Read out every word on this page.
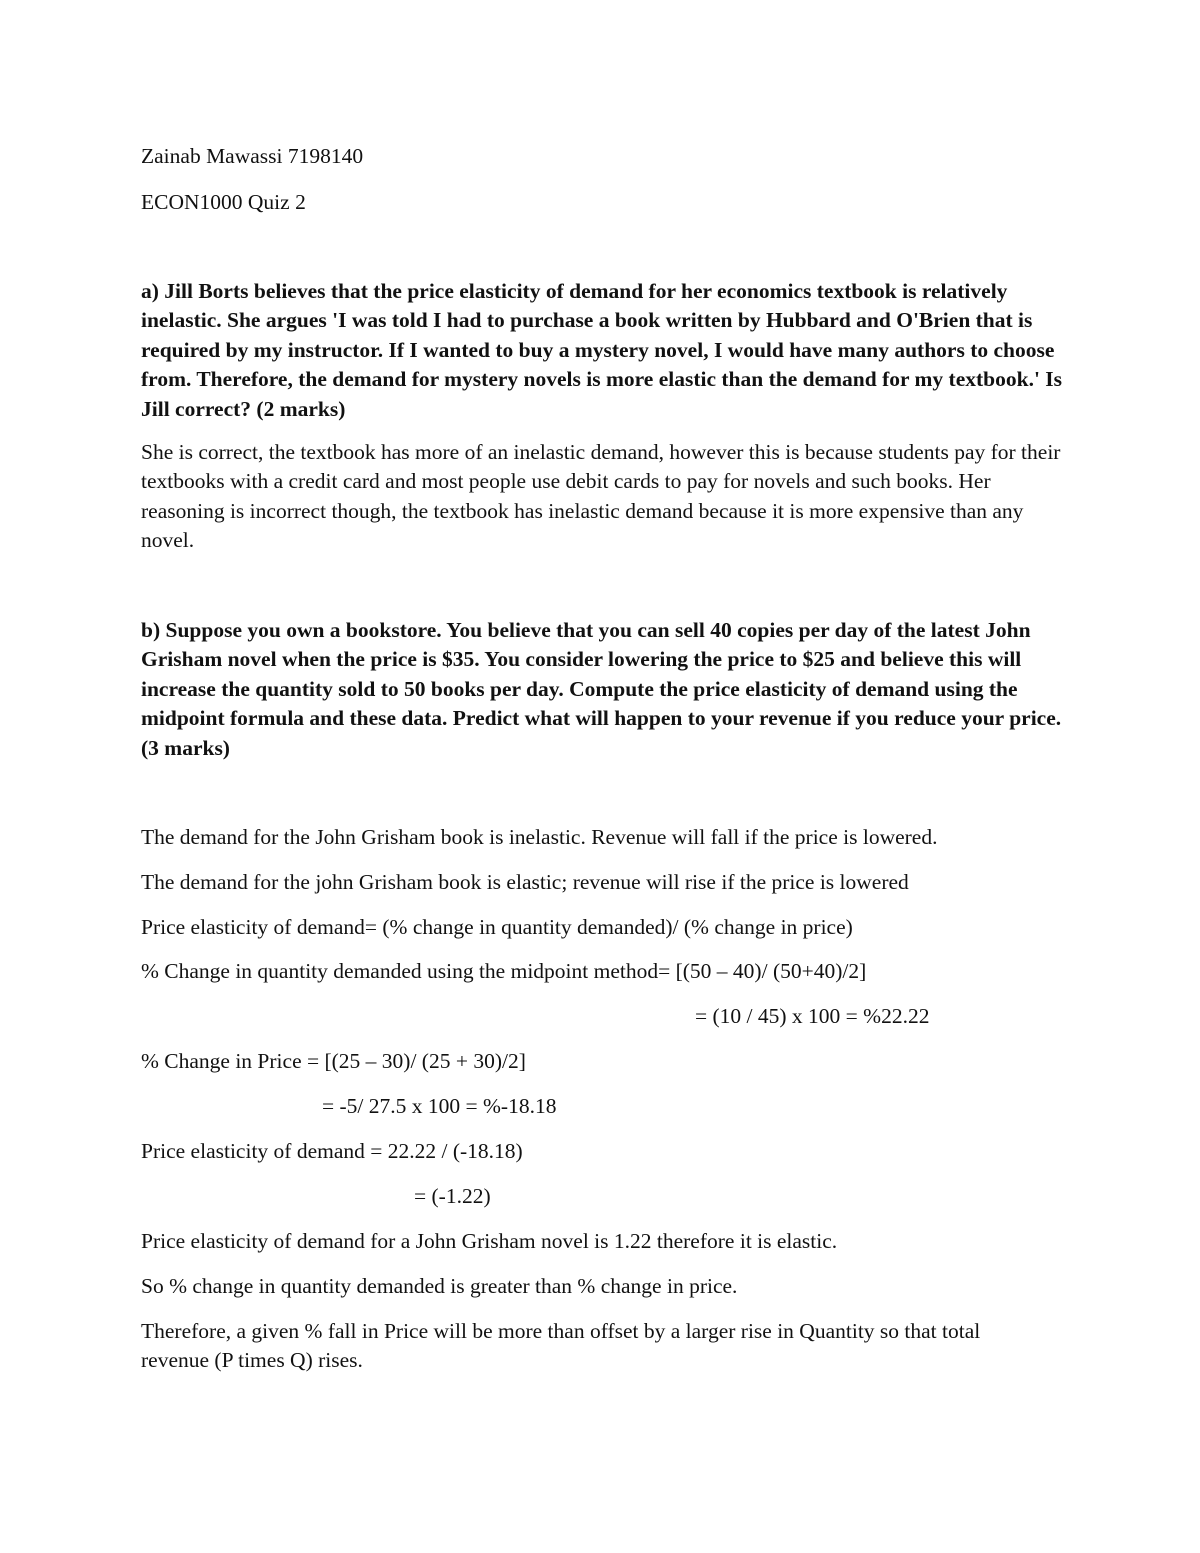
Zainab Mawassi 7198140
ECON1000 Quiz 2
a) Jill Borts believes that the price elasticity of demand for her economics textbook is relatively inelastic. She argues 'I was told I had to purchase a book written by Hubbard and O'Brien that is required by my instructor. If I wanted to buy a mystery novel, I would have many authors to choose from. Therefore, the demand for mystery novels is more elastic than the demand for my textbook.' Is Jill correct? (2 marks)
She is correct, the textbook has more of an inelastic demand, however this is because students pay for their textbooks with a credit card and most people use debit cards to pay for novels and such books. Her reasoning is incorrect though, the textbook has inelastic demand because it is more expensive than any novel.
b) Suppose you own a bookstore. You believe that you can sell 40 copies per day of the latest John Grisham novel when the price is $35. You consider lowering the price to $25 and believe this will increase the quantity sold to 50 books per day. Compute the price elasticity of demand using the midpoint formula and these data. Predict what will happen to your revenue if you reduce your price. (3 marks)
The demand for the John Grisham book is inelastic. Revenue will fall if the price is lowered.
The demand for the john Grisham book is elastic; revenue will rise if the price is lowered
Price elasticity of demand= (% change in quantity demanded)/ (% change in price)
% Change in quantity demanded using the midpoint method= [(50 – 40)/ (50+40)/2]
= (10 / 45) x 100 = %22.22
% Change in Price = [(25 – 30)/ (25 + 30)/2]
= -5/ 27.5 x 100 = %-18.18
Price elasticity of demand = 22.22 / (-18.18)
= (-1.22)
Price elasticity of demand for a John Grisham novel is 1.22 therefore it is elastic.
So % change in quantity demanded is greater than % change in price.
Therefore, a given % fall in Price will be more than offset by a larger rise in Quantity so that total revenue (P times Q) rises.
